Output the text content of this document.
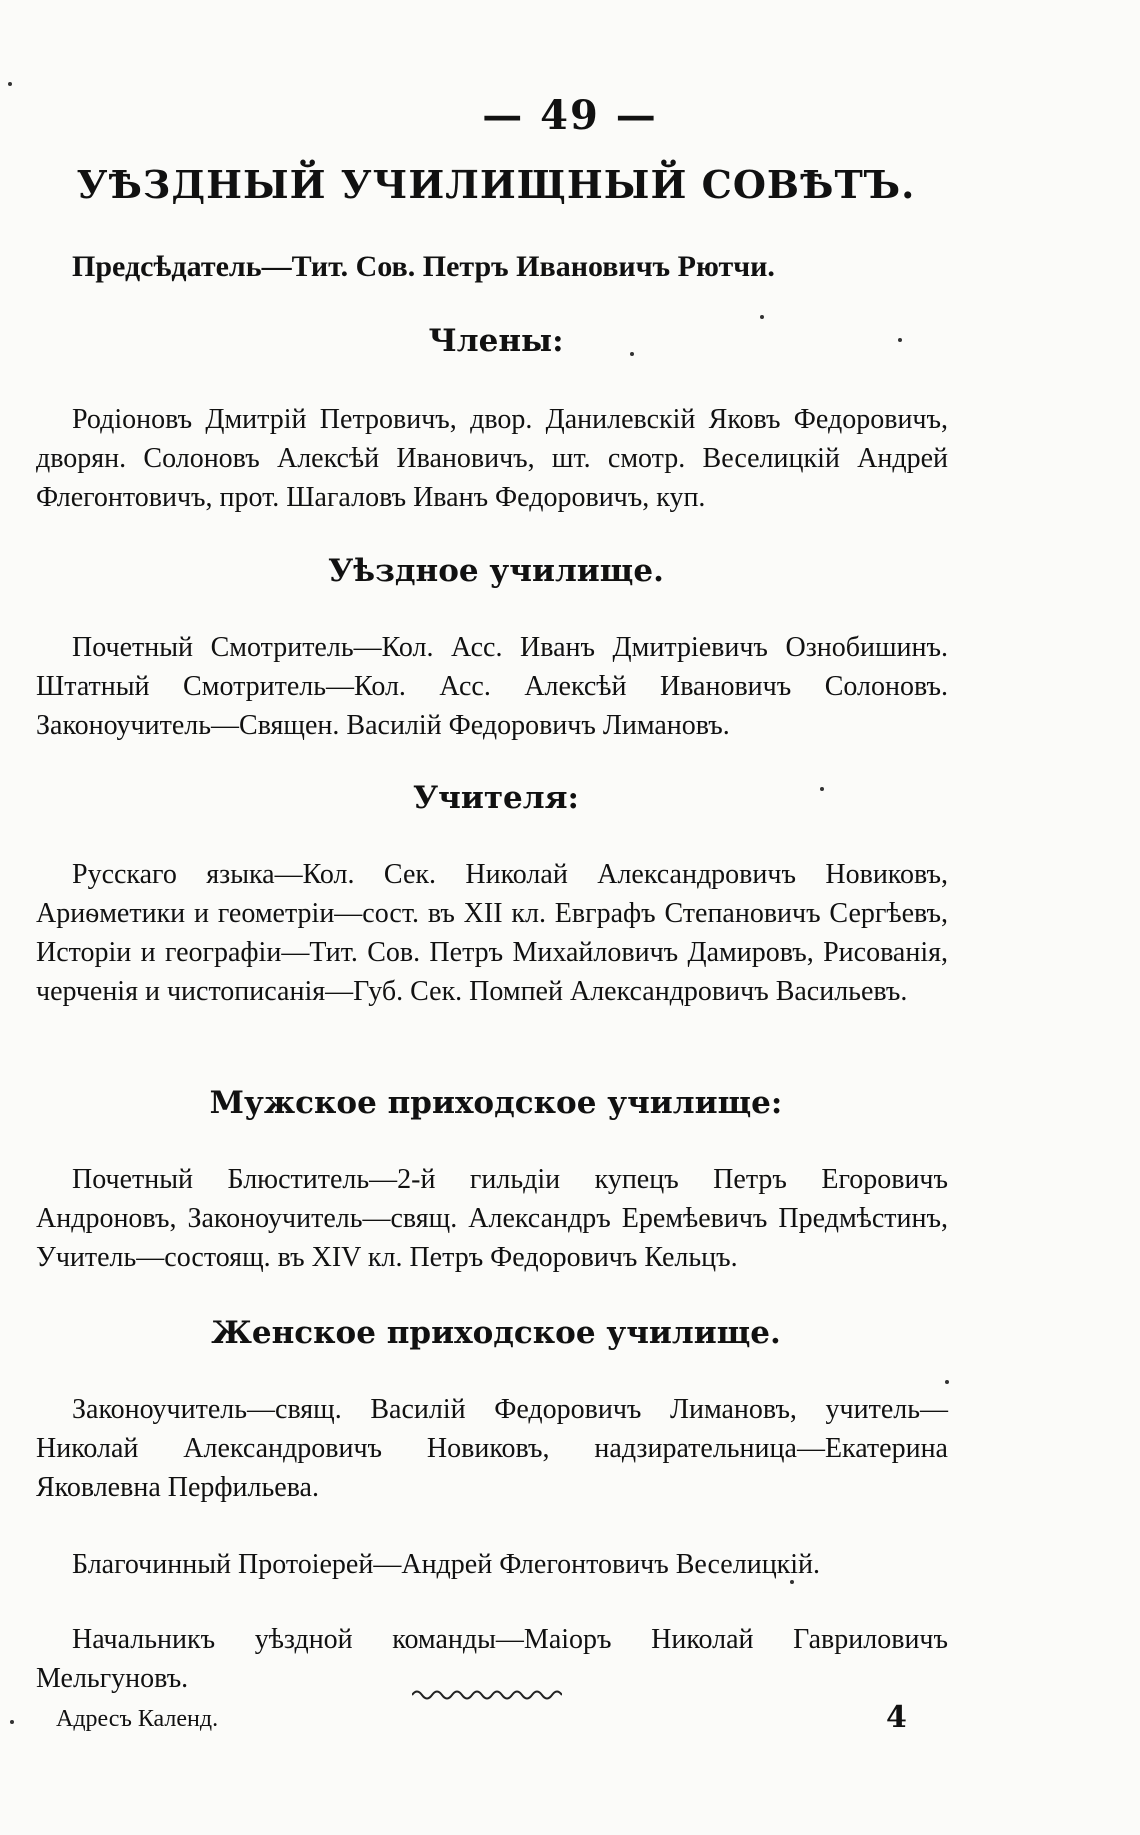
— 49 —
УѢЗДНЫЙ УЧИЛИЩНЫЙ СОВѢТЪ.
Предсѣдатель—Тит. Сов. Петръ Ивановичъ Рютчи.
Члены:
Родiоновъ Дмитрiй Петровичъ, двор. Данилевскiй Яковъ Федоровичъ, дворян. Солоновъ Алексѣй Ивановичъ, шт. смотр. Веселицкiй Андрей Флегонтовичъ, прот. Шагаловъ Иванъ Федоровичъ, куп.
Уѣздное училище.
Почетный Смотритель—Кол. Асс. Иванъ Дмитрiевичъ Ознобишинъ. Штатный Смотритель—Кол. Асс. Алексѣй Ивановичъ Солоновъ. Законоучитель—Священ. Василiй Федоровичъ Лимановъ.
Учителя:
Русскаго языка—Кол. Сек. Николай Александровичъ Новиковъ, Ариѳметики и геометрiи—сост. въ XII кл. Евграфъ Степановичъ Сергѣевъ, Исторiи и географiи—Тит. Сов. Петръ Михайловичъ Дамировъ, Рисованiя, черченiя и чистописанiя—Губ. Сек. Помпей Александровичъ Васильевъ.
Мужское приходское училище:
Почетный Блюститель—2-й гильдiи купецъ Петръ Егоровичъ Андроновъ, Законоучитель—свящ. Александръ Еремѣевичъ Предмѣстинъ, Учитель—состоящ. въ XIV кл. Петръ Федоровичъ Кельцъ.
Женское приходское училище.
Законоучитель—свящ. Василiй Федоровичъ Лимановъ, учитель—Николай Александровичъ Новиковъ, надзирательница—Екатерина Яковлевна Перфильева.
Благочинный Протоiерей—Андрей Флегонтовичъ Веселицкiй.
Начальникъ уѣздной команды—Маiоръ Николай Гавриловичъ Мельгуновъ.
Адресъ Календ.	4
